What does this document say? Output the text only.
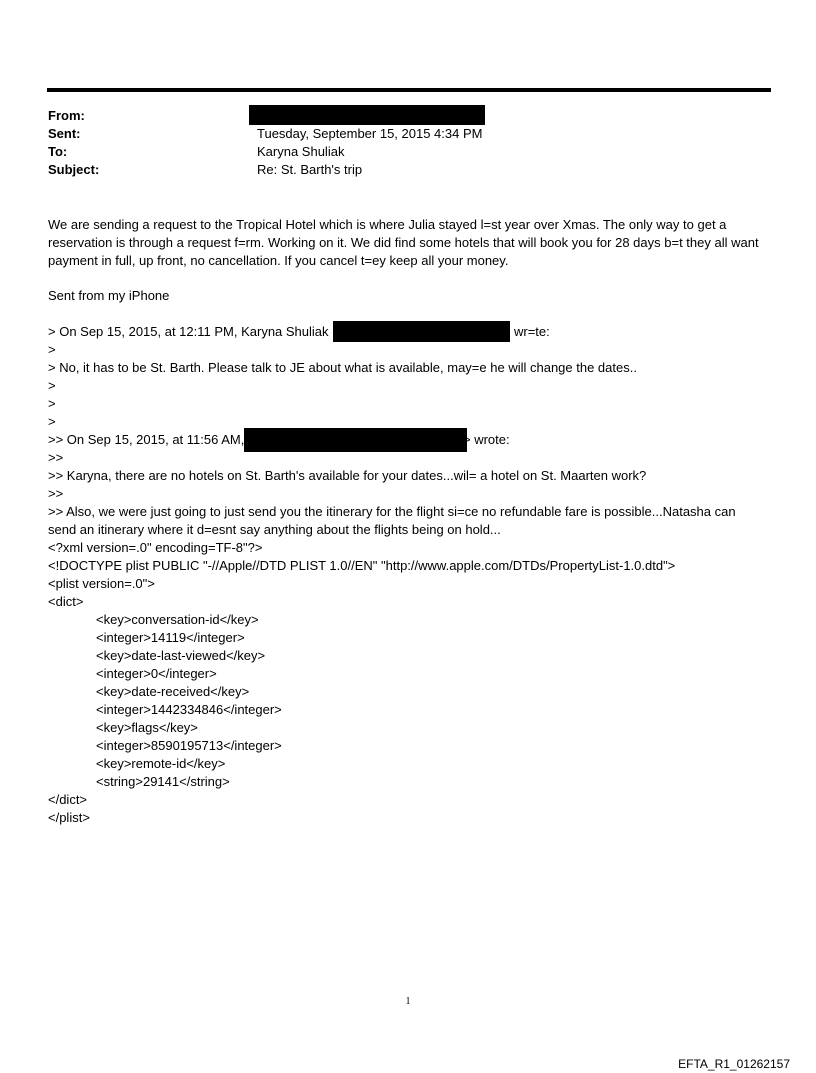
From:
Sent:	Tuesday, September 15, 2015 4:34 PM
To:	Karyna Shuliak
Subject:	Re: St. Barth's trip
We are sending a request to the Tropical Hotel which is where Julia stayed l=st year over Xmas. The only way to get a reservation is through a request f=rm. Working on it. We did find some hotels that will book you for 28 days b=t they all want payment in full, up front, no cancellation. If you cancel t=ey keep all your money.
Sent from my iPhone
> On Sep 15, 2015, at 12:11 PM, Karyna Shuliak	wr=te:
>
> No, it has to be St. Barth. Please talk to JE about what is available, may=e he will change the dates..
>
>
>
>> On Sep 15, 2015, at 11:56 AM,	> wrote:
>>
>> Karyna, there are no hotels on St. Barth's available for your dates...wil= a hotel on St. Maarten work?
>>
>> Also, we were just going to just send you the itinerary for the flight si=ce no refundable fare is possible...Natasha can
send an itinerary where it d=esnt say anything about the flights being on hold...
<?xml version=.0" encoding=TF-8"?>
<!DOCTYPE plist PUBLIC "-//Apple//DTD PLIST 1.0//EN" "http://www.apple.com/DTDs/PropertyList-1.0.dtd">
<plist version=.0">
<dict>
<key>conversation-id</key>
<integer>14119</integer>
<key>date-last-viewed</key>
<integer>0</integer>
<key>date-received</key>
<integer>1442334846</integer>
<key>flags</key>
<integer>8590195713</integer>
<key>remote-id</key>
<string>29141</string>
</dict>
</plist>
1
EFTA_R1_01262157
